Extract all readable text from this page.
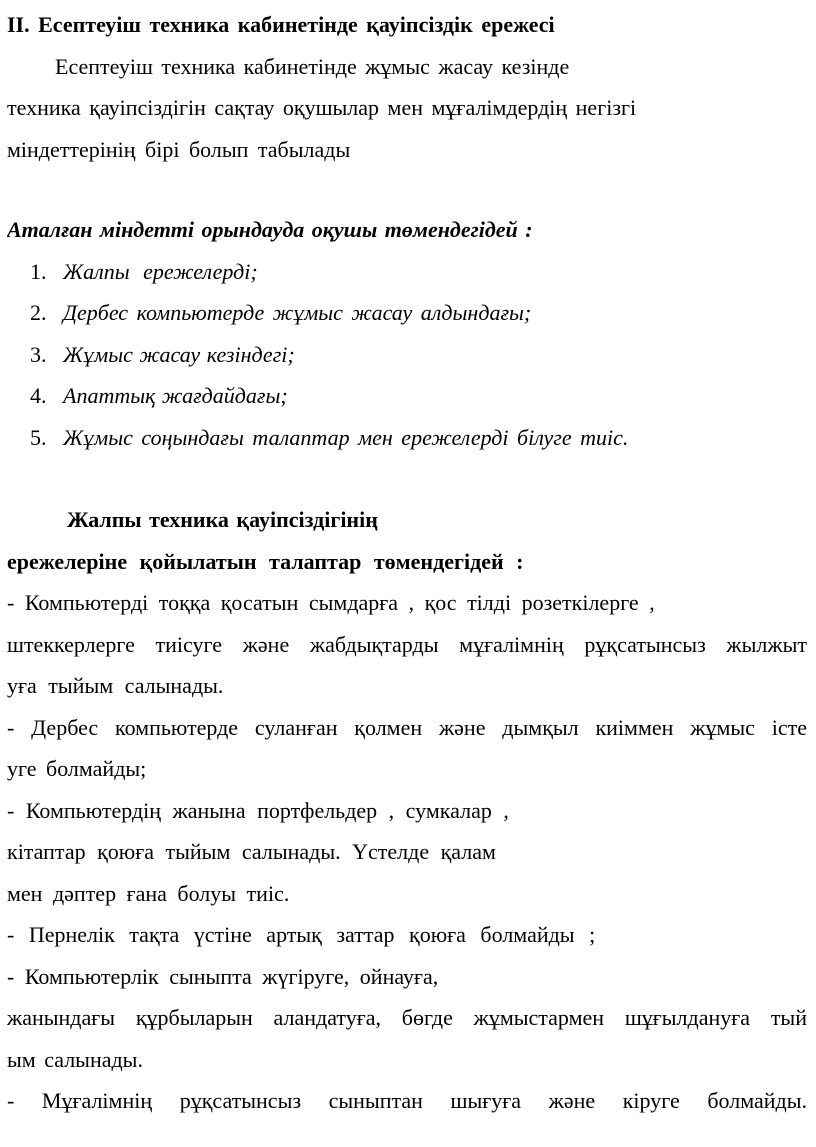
II. Есептеуіш техника кабинетінде қауіпсіздік ережесі
Есептеуіш техника кабинетінде жұмыс жасау кезінде
техника қауіпсіздігін сақтау оқушылар мен мұғалімдердің негізгі
міндеттерінің бірі болып табылады
Аталған міндетті орындауда оқушы төмендегідей :
1. Жалпы ережелерді;
2. Дербес компьютерде жұмыс жасау алдындағы;
3. Жұмыс жасау кезіндегі;
4. Апаттық жағдайдағы;
5. Жұмыс соңындағы талаптар мен ережелерді білуге тиіс.
Жалпы техника қауіпсіздігінің
ережелеріне қойылатын талаптар төмендегідей :
- Компьютерді тоққа қосатын сымдарға , қос тілді розеткілерге ,
штеккерлерге тиісуге және жабдықтарды мұғалімнің рұқсатынсыз жылжыт
уға тыйым салынады.
- Дербес компьютерде суланған қолмен және дымқыл киіммен жұмыс істе
уге болмайды;
- Компьютердің жанына портфельдер , сумкалар ,
кітаптар қоюға тыйым салынады. Үстелде қалам
мен дәптер ғана болуы тиіс.
- Пернелік тақта үстіне артық заттар қоюға болмайды ;
- Компьютерлік сыныпта жүгіруге, ойнауға,
жанындағы құрбыларын аландатуға, бөгде жұмыстармен шұғылдануға тый
ым салынады.
- Мұғалімнің рұқсатынсыз сыныптан шығуға және кіруге болмайды.
